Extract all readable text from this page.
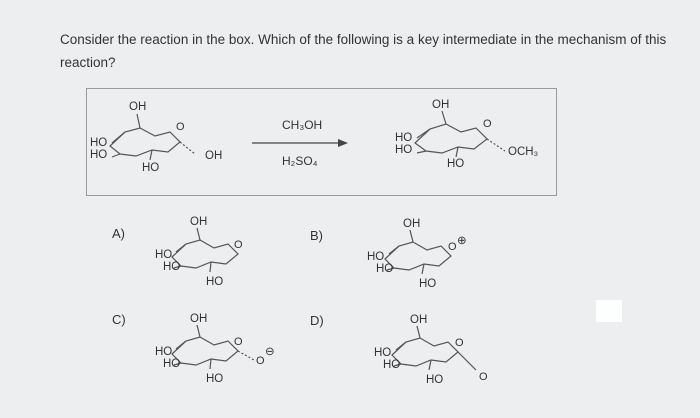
Consider the reaction in the box. Which of the following is a key intermediate in the mechanism of this reaction?
O
OH
HO
HO
HO
OH
CH₃OH
H₂SO₄
O
OH
HO
HO
HO
OCH₃
A)
O
OH
HO
HO
HO
B)
O ⊕
OH
HO
HO
HO
C)
O
O
⊖
OH
HO
HO
HO
D)
O
O
OH
HO
HO
HO
